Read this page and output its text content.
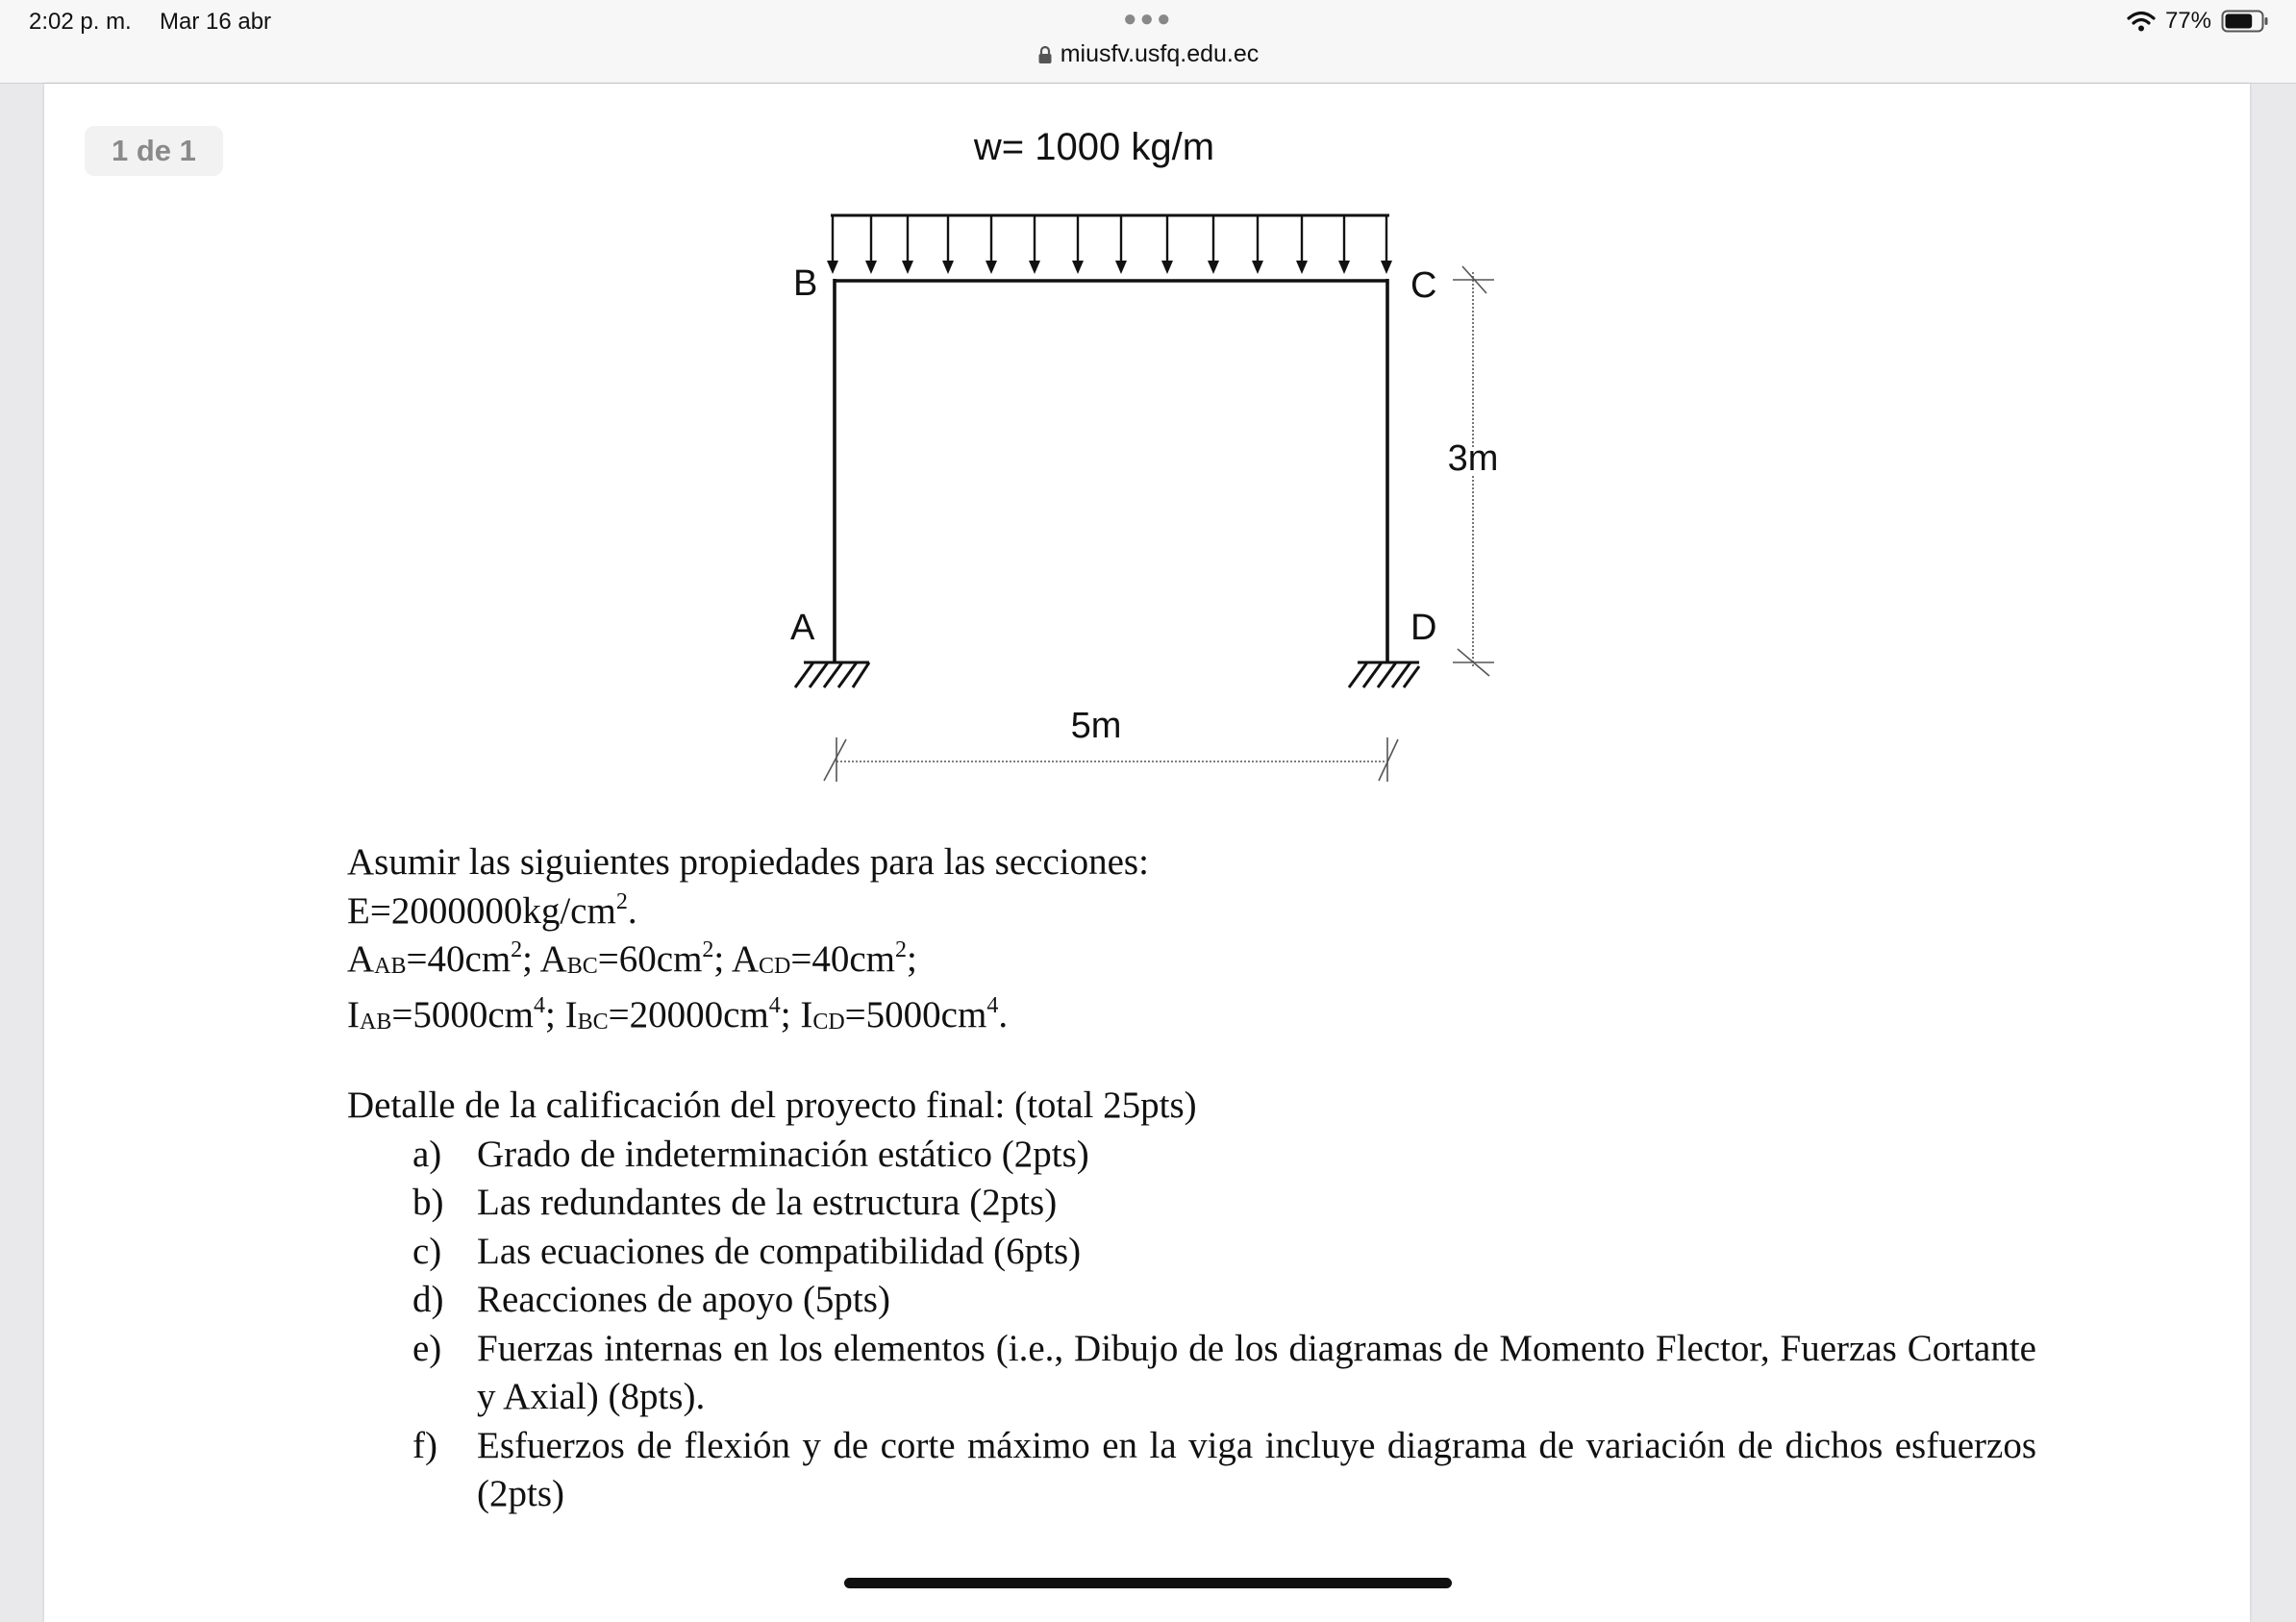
2:02 p. m. Mar 16 abr	●●●
miusfv.usfq.edu.ec
77%
w= 1000 kg/m
B	C
A	D
3m
5m
1 de 1
Asumir las siguientes propiedades para las secciones:
$E=2000000kg/cm^2$.
$A_{AB}=40cm^2$; $A_{BC}=60cm^2$; $A_{CD}=40cm^2$;
$I_{AB}=5000cm^4$; $I_{BC}=20000cm^4$; $I_{CD}=5000cm^4$.
Detalle de la calificación del proyecto final: (total 25pts)
a) Grado de indeterminación estático (2pts)
b) Las redundantes de la estructura (2pts)
c) Las ecuaciones de compatibilidad (6pts)
d) Reacciones de apoyo (5pts)
e) Fuerzas internas en los elementos (i.e., Dibujo de los diagramas de Momento Flector, Fuerzas Cortante y Axial) (8pts).
f) Esfuerzos de flexión y de corte máximo en la viga incluye diagrama de variación de dichos esfuerzos (2pts)
